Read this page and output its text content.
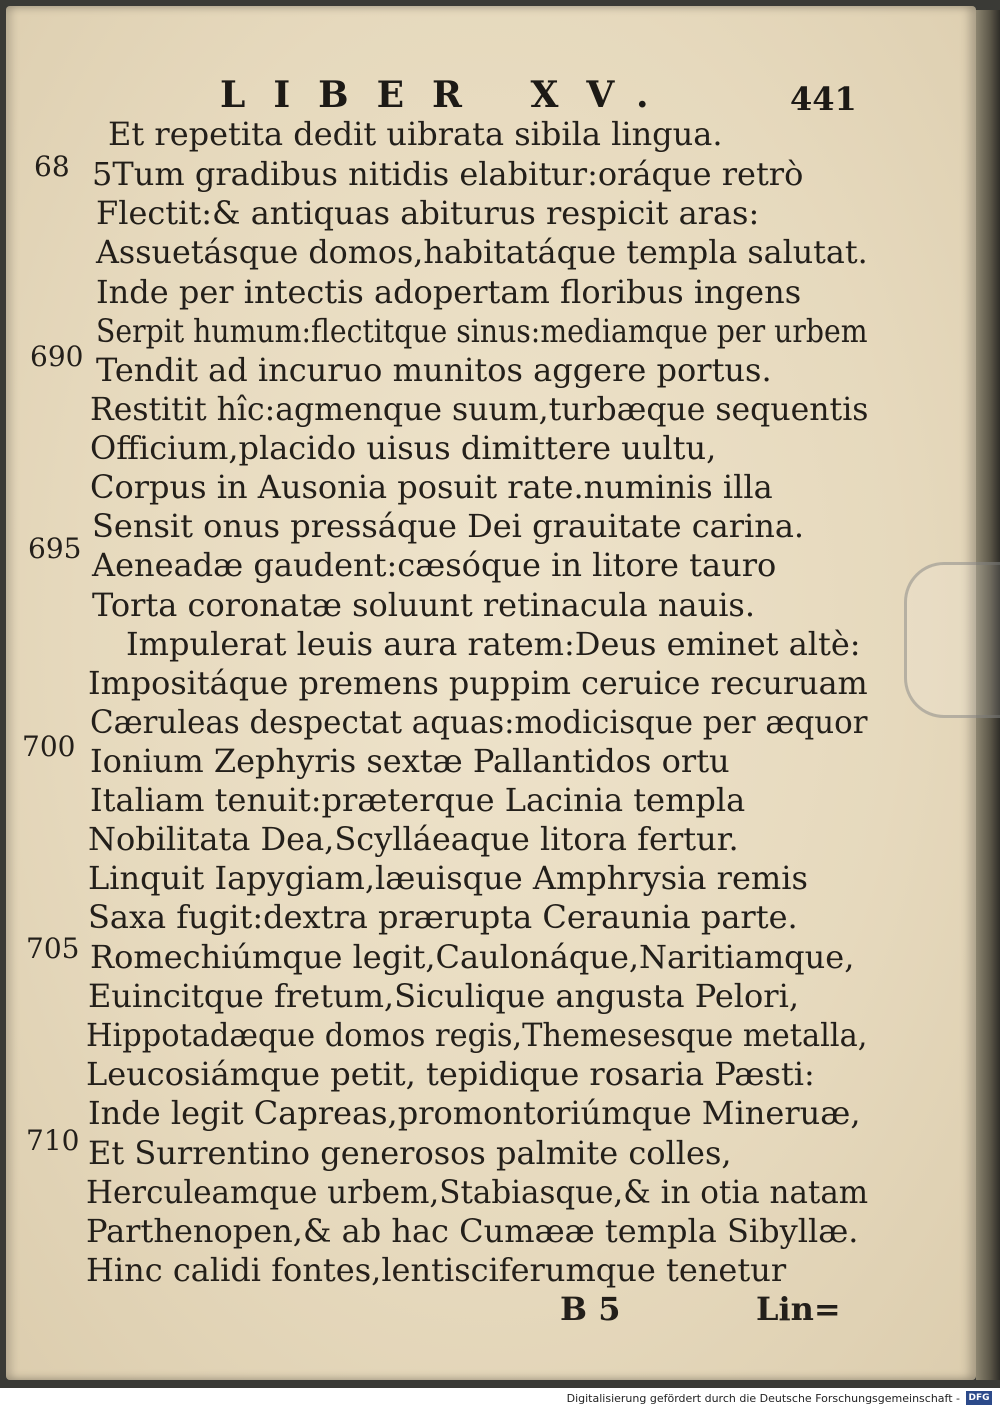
LIBER XV.	441
Et repetita dedit uibrata sibila lingua.
5Tum gradibus nitidis elabitur:oráque retrò
Flectit:& antiquas abiturus respicit aras:
Assuetásque domos,habitatáque templa salutat.
Inde per intectis adopertam floribus ingens
Serpit humum:flectitque sinus:mediamque per urbem
Tendit ad incuruo munitos aggere portus.
Restitit hîc:agmenque suum,turbæque sequentis
Officium,placido uisus dimittere uultu,
Corpus in Ausonia posuit rate.numinis illa
Sensit onus pressáque Dei grauitate carina.
Aeneadæ gaudent:cæsóque in litore tauro
Torta coronatæ soluunt retinacula nauis.
Impulerat leuis aura ratem:Deus eminet altè:
Impositáque premens puppim ceruice recuruam
Cæruleas despectat aquas:modicisque per æquor
Ionium Zephyris sextæ Pallantidos ortu
Italiam tenuit:præterque Lacinia templa
Nobilitata Dea,Scylláeaque litora fertur.
Linquit Iapygiam,læuisque Amphrysia remis
Saxa fugit:dextra prærupta Ceraunia parte.
Romechiúmque legit,Caulonáque,Naritiamque,
Euincitque fretum,Siculique angusta Pelori,
Hippotadæque domos regis,Themesesque metalla,
Leucosiámque petit, tepidique rosaria Pæsti:
Inde legit Capreas,promontoriúmque Mineruæ,
Et Surrentino generosos palmite colles,
Herculeamque urbem,Stabiasque,& in otia natam
Parthenopen,& ab hac Cumææ templa Sibyllæ.
Hinc calidi fontes,lentisciferumque tenetur
68
690
695
700
705
710
B 5	Lin=
Digitalisierung gefördert durch die Deutsche Forschungsgemeinschaft - DFG
